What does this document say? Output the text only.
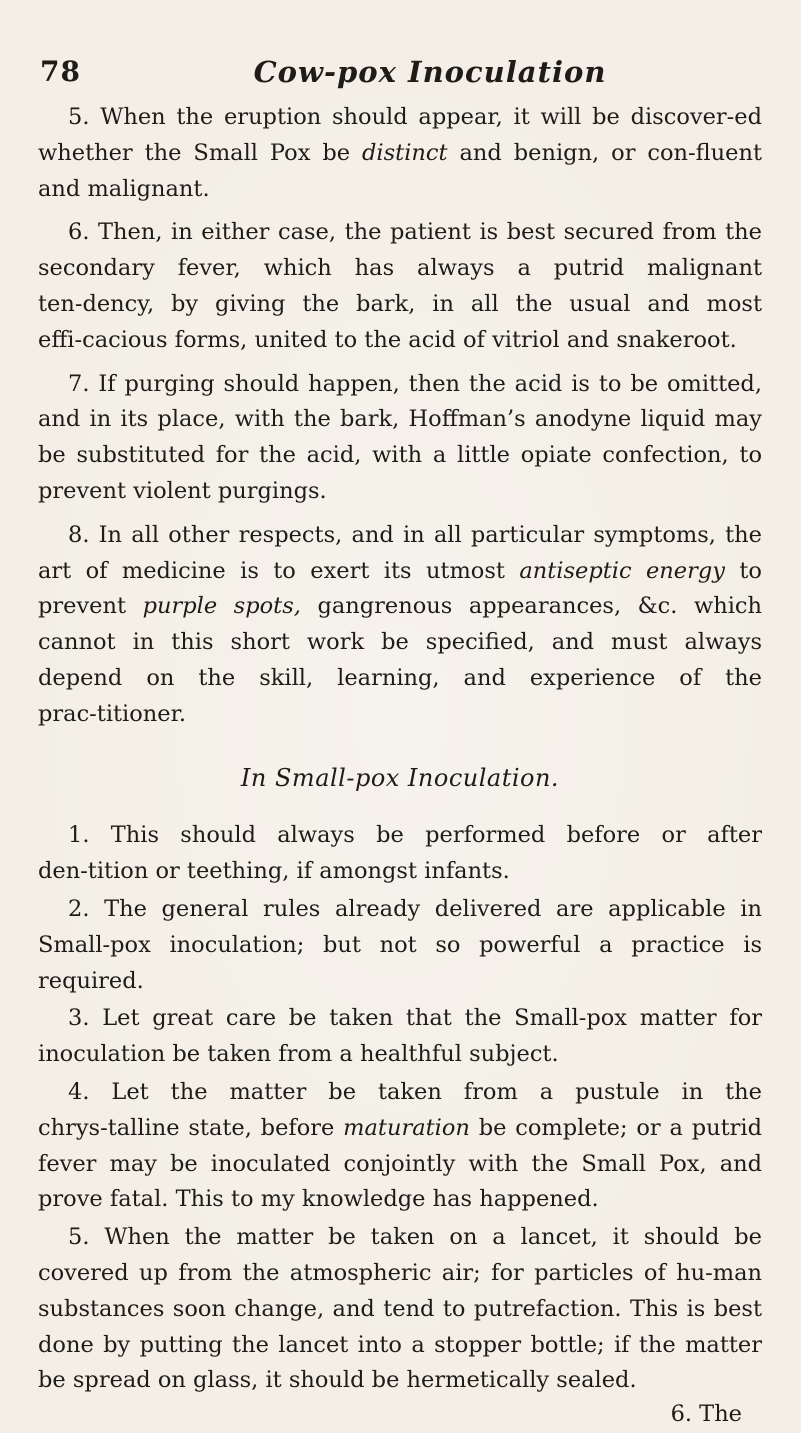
78	Cow-pox Inoculation

5. When the eruption should appear, it will be discover‑ed whether the Small Pox be distinct and benign, or con‑fluent and malignant.

6. Then, in either case, the patient is best secured from the secondary fever, which has always a putrid malignant ten‑dency, by giving the bark, in all the usual and most effi‑cacious forms, united to the acid of vitriol and snakeroot.

7. If purging should happen, then the acid is to be omitted, and in its place, with the bark, Hoffman’s anodyne liquid may be substituted for the acid, with a little opiate confection, to prevent violent purgings.

8. In all other respects, and in all particular symptoms, the art of medicine is to exert its utmost antiseptic energy to prevent purple spots, gangrenous appearances, &c. which cannot in this short work be specified, and must always depend on the skill, learning, and experience of the prac‑titioner.

In Small-pox Inoculation.

1. This should always be performed before or after den‑tition or teething, if amongst infants.

2. The general rules already delivered are applicable in Small-pox inoculation; but not so powerful a practice is required.

3. Let great care be taken that the Small-pox matter for inoculation be taken from a healthful subject.

4. Let the matter be taken from a pustule in the chrys‑talline state, before maturation be complete; or a putrid fever may be inoculated conjointly with the Small Pox, and prove fatal. This to my knowledge has happened.

5. When the matter be taken on a lancet, it should be covered up from the atmospheric air; for particles of hu‑man substances soon change, and tend to putrefaction. This is best done by putting the lancet into a stopper bottle; if the matter be spread on glass, it should be hermetically sealed.

6. The
